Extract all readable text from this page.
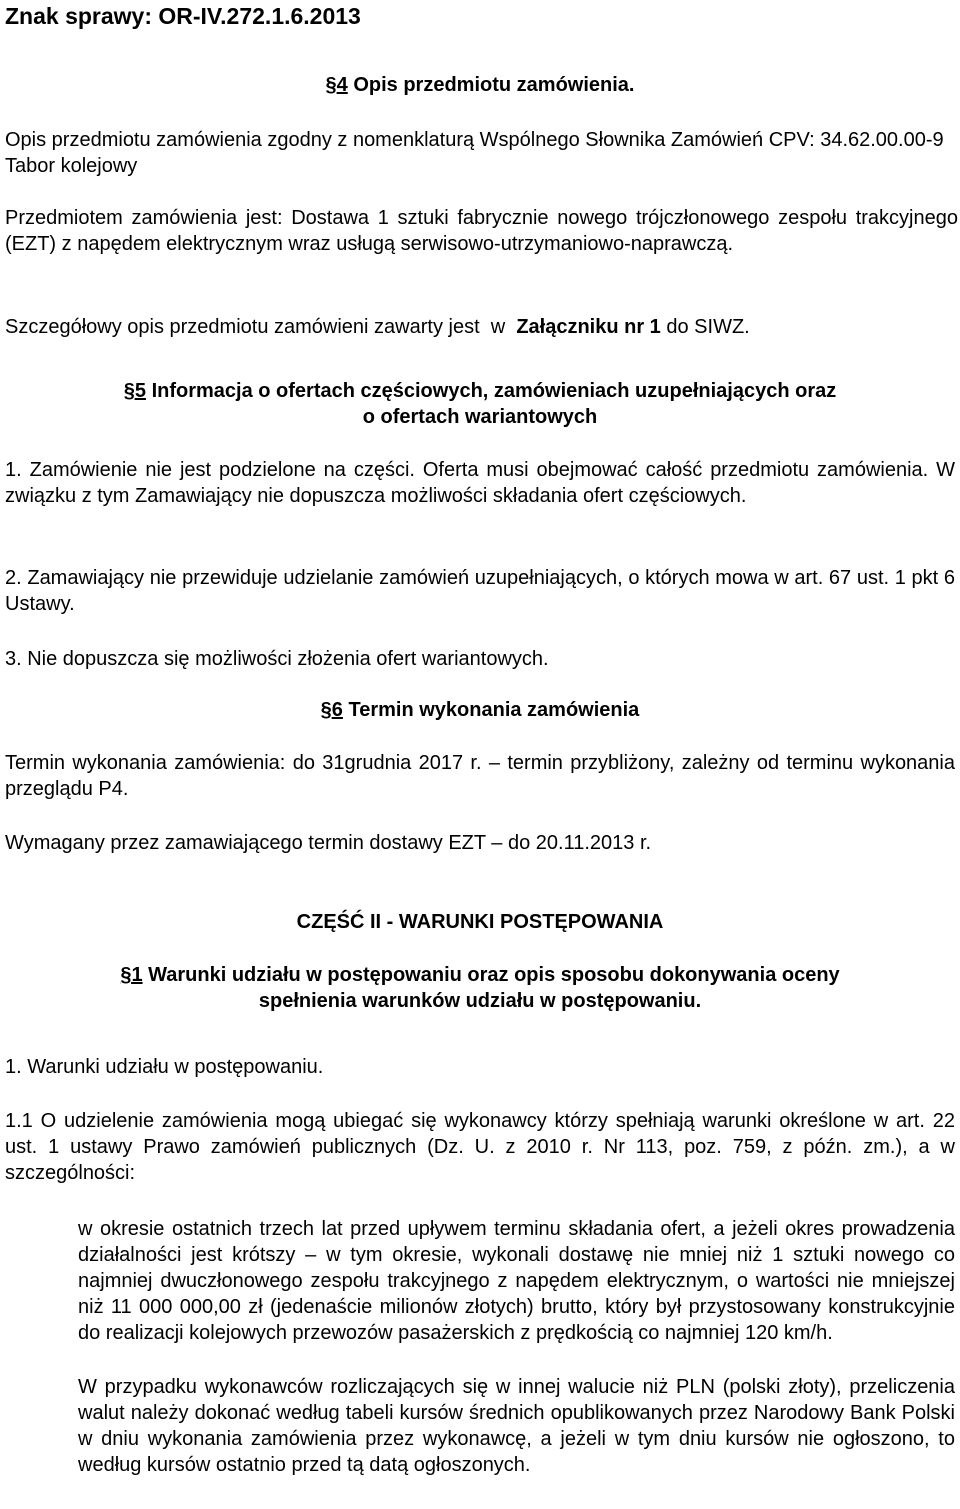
Znak sprawy: OR-IV.272.1.6.2013

§4 Opis przedmiotu zamówienia.

Opis przedmiotu zamówienia zgodny z nomenklaturą Wspólnego Słownika Zamówień CPV: 34.62.00.00-9 Tabor kolejowy

Przedmiotem zamówienia jest: Dostawa 1 sztuki fabrycznie nowego trójczłonowego zespołu trakcyjnego (EZT) z napędem elektrycznym wraz usługą serwisowo-utrzymaniowo-naprawczą.

Szczegółowy opis przedmiotu zamówieni zawarty jest  w  Załączniku nr 1 do SIWZ.

§5 Informacja o ofertach częściowych, zamówieniach uzupełniających oraz
o ofertach wariantowych

1. Zamówienie nie jest podzielone na części. Oferta musi obejmować całość przedmiotu zamówienia. W związku z tym Zamawiający nie dopuszcza możliwości składania ofert częściowych.

2. Zamawiający nie przewiduje udzielanie zamówień uzupełniających, o których mowa w art. 67 ust. 1 pkt 6 Ustawy.

3. Nie dopuszcza się możliwości złożenia ofert wariantowych.

§6 Termin wykonania zamówienia

Termin wykonania zamówienia: do 31grudnia 2017 r. – termin przybliżony, zależny od terminu wykonania przeglądu P4.

Wymagany przez zamawiającego termin dostawy EZT – do 20.11.2013 r.

CZĘŚĆ II - WARUNKI POSTĘPOWANIA

§1 Warunki udziału w postępowaniu oraz opis sposobu dokonywania oceny
spełnienia warunków udziału w postępowaniu.

1. Warunki udziału w postępowaniu.

1.1 O udzielenie zamówienia mogą ubiegać się wykonawcy którzy spełniają warunki określone w art. 22 ust. 1 ustawy Prawo zamówień publicznych (Dz. U. z 2010 r. Nr 113, poz. 759, z późn. zm.), a w szczególności:

w okresie ostatnich trzech lat przed upływem terminu składania ofert, a jeżeli okres prowadzenia działalności jest krótszy – w tym okresie, wykonali dostawę nie mniej niż 1 sztuki nowego co najmniej dwuczłonowego zespołu trakcyjnego z napędem elektrycznym, o wartości nie mniejszej niż 11 000 000,00 zł (jedenaście milionów złotych) brutto, który był przystosowany konstrukcyjnie do realizacji kolejowych przewozów pasażerskich z prędkością co najmniej 120 km/h.

W przypadku wykonawców rozliczających się w innej walucie niż PLN (polski złoty), przeliczenia walut należy dokonać według tabeli kursów średnich opublikowanych przez Narodowy Bank Polski w dniu wykonania zamówienia przez wykonawcę, a jeżeli w tym dniu kursów nie ogłoszono, to według kursów ostatnio przed tą datą ogłoszonych.
